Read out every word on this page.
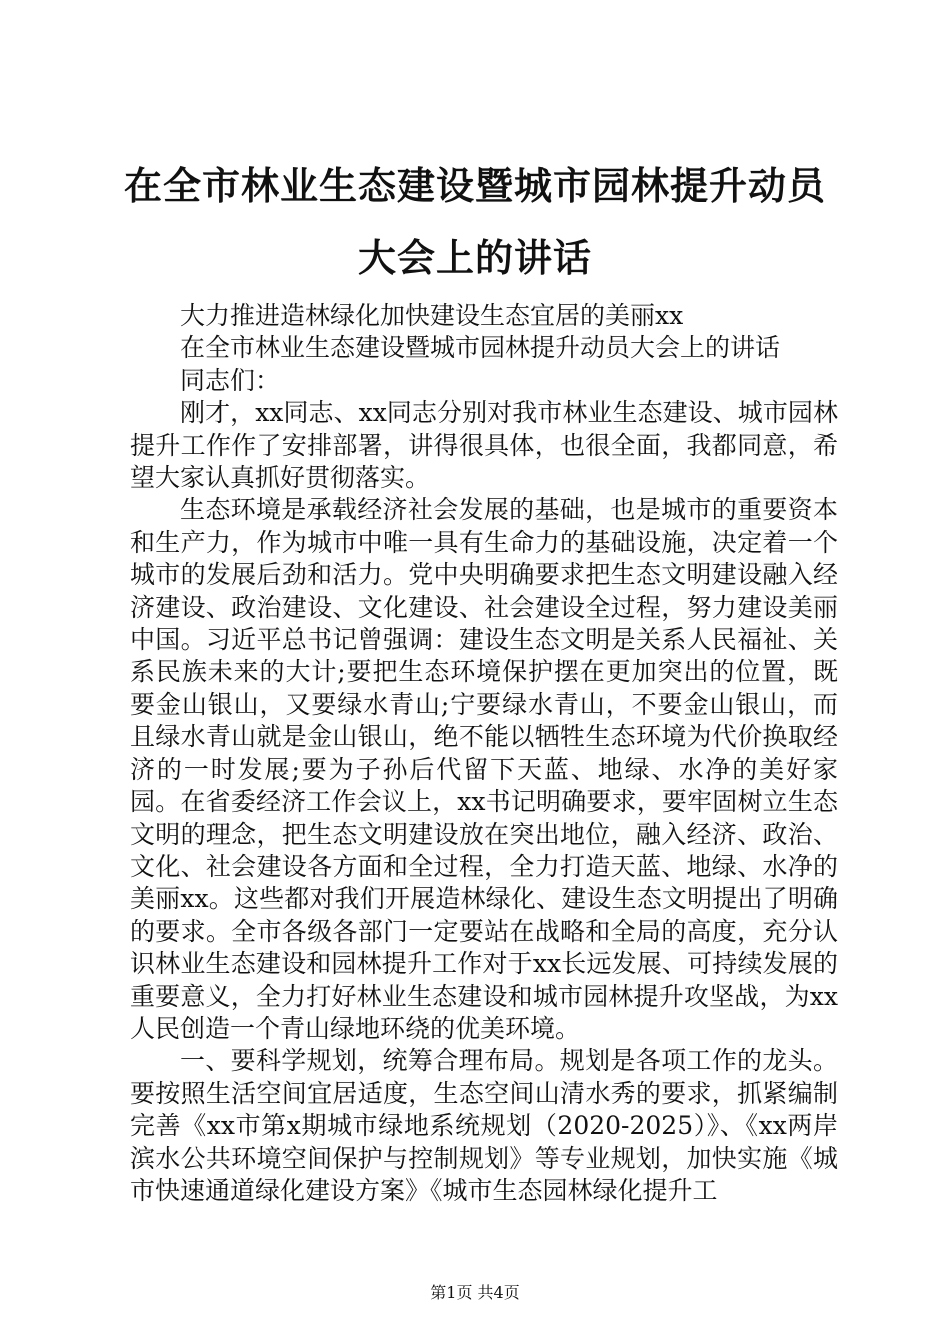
在全市林业生态建设暨城市园林提升动员大会上的讲话

大力推进造林绿化加快建设生态宜居的美丽xx

在全市林业生态建设暨城市园林提升动员大会上的讲话

同志们：

刚才，xx同志、xx同志分别对我市林业生态建设、城市园林提升工作作了安排部署，讲得很具体，也很全面，我都同意，希望大家认真抓好贯彻落实。

生态环境是承载经济社会发展的基础，也是城市的重要资本和生产力，作为城市中唯一具有生命力的基础设施，决定着一个城市的发展后劲和活力。党中央明确要求把生态文明建设融入经济建设、政治建设、文化建设、社会建设全过程，努力建设美丽中国。习近平总书记曾强调：建设生态文明是关系人民福祉、关系民族未来的大计;要把生态环境保护摆在更加突出的位置，既要金山银山，又要绿水青山;宁要绿水青山，不要金山银山，而且绿水青山就是金山银山，绝不能以牺牲生态环境为代价换取经济的一时发展;要为子孙后代留下天蓝、地绿、水净的美好家园。在省委经济工作会议上，xx书记明确要求，要牢固树立生态文明的理念，把生态文明建设放在突出地位，融入经济、政治、文化、社会建设各方面和全过程，全力打造天蓝、地绿、水净的美丽xx。这些都对我们开展造林绿化、建设生态文明提出了明确的要求。全市各级各部门一定要站在战略和全局的高度，充分认识林业生态建设和园林提升工作对于xx长远发展、可持续发展的重要意义，全力打好林业生态建设和城市园林提升攻坚战，为xx人民创造一个青山绿地环绕的优美环境。

一、要科学规划，统筹合理布局。规划是各项工作的龙头。要按照生活空间宜居适度，生态空间山清水秀的要求，抓紧编制完善《xx市第x期城市绿地系统规划（2020-2025）》、《xx两岸滨水公共环境空间保护与控制规划》等专业规划，加快实施《城市快速通道绿化建设方案》《城市生态园林绿化提升工

第1页 共4页
